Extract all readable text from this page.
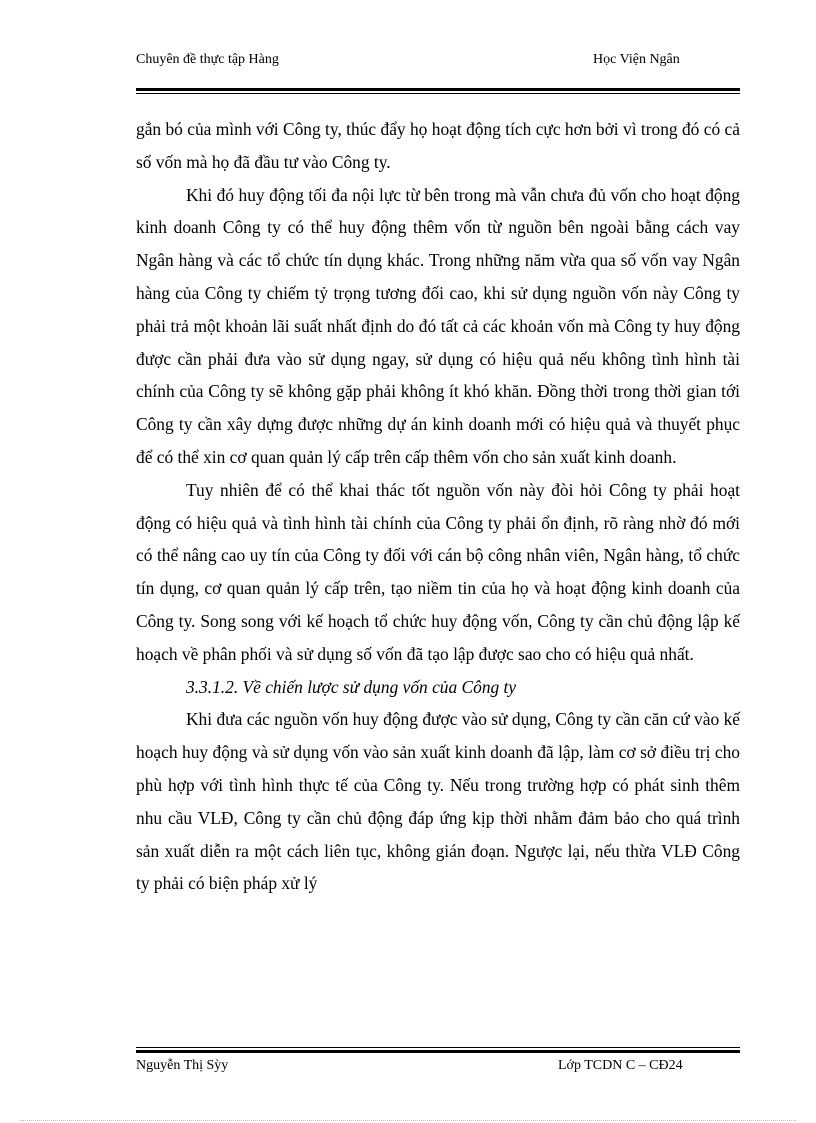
Chuyên đề thực tập Hàng	Học Viện Ngân

gắn bó của mình với Công ty, thúc đẩy họ hoạt động tích cực hơn bởi vì trong đó có cả số vốn mà họ đã đầu tư vào Công ty.

Khi đó huy động tối đa nội lực từ bên trong mà vẫn chưa đủ vốn cho hoạt động kinh doanh Công ty có thể huy động thêm vốn từ nguồn bên ngoài bằng cách vay Ngân hàng và các tổ chức tín dụng khác. Trong những năm vừa qua số vốn vay Ngân hàng của Công ty chiếm tỷ trọng tương đối cao, khi sử dụng nguồn vốn này Công ty phải trả một khoản lãi suất nhất định do đó tất cả các khoản vốn mà Công ty huy động được cần phải đưa vào sử dụng ngay, sử dụng có hiệu quả nếu không tình hình tài chính của Công ty sẽ không gặp phải không ít khó khăn. Đồng thời trong thời gian tới Công ty cần xây dựng được những dự án kinh doanh mới có hiệu quả và thuyết phục để có thể xin cơ quan quản lý cấp trên cấp thêm vốn cho sản xuất kinh doanh.

Tuy nhiên để có thể khai thác tốt nguồn vốn này đòi hỏi Công ty phải hoạt động có hiệu quả và tình hình tài chính của Công ty phải ổn định, rõ ràng nhờ đó mới có thể nâng cao uy tín của Công ty đối với cán bộ công nhân viên, Ngân hàng, tổ chức tín dụng, cơ quan quản lý cấp trên, tạo niềm tin của họ và hoạt động kinh doanh của Công ty. Song song với kế hoạch tổ chức huy động vốn, Công ty cần chủ động lập kế hoạch về phân phối và sử dụng số vốn đã tạo lập được sao cho có hiệu quả nhất.

3.3.1.2. Về chiến lược sử dụng vốn của Công ty

Khi đưa các nguồn vốn huy động được vào sử dụng, Công ty cần căn cứ vào kế hoạch huy động và sử dụng vốn vào sản xuất kinh doanh đã lập, làm cơ sở điều trị cho phù hợp với tình hình thực tế của Công ty. Nếu trong trường hợp có phát sinh thêm nhu cầu VLĐ, Công ty cần chủ động đáp ứng kịp thời nhằm đảm bảo cho quá trình sản xuất diễn ra một cách liên tục, không gián đoạn. Ngược lại, nếu thừa VLĐ Công ty phải có biện pháp xử lý

Nguyễn Thị Sỳy	Lớp TCDN C – CĐ24
